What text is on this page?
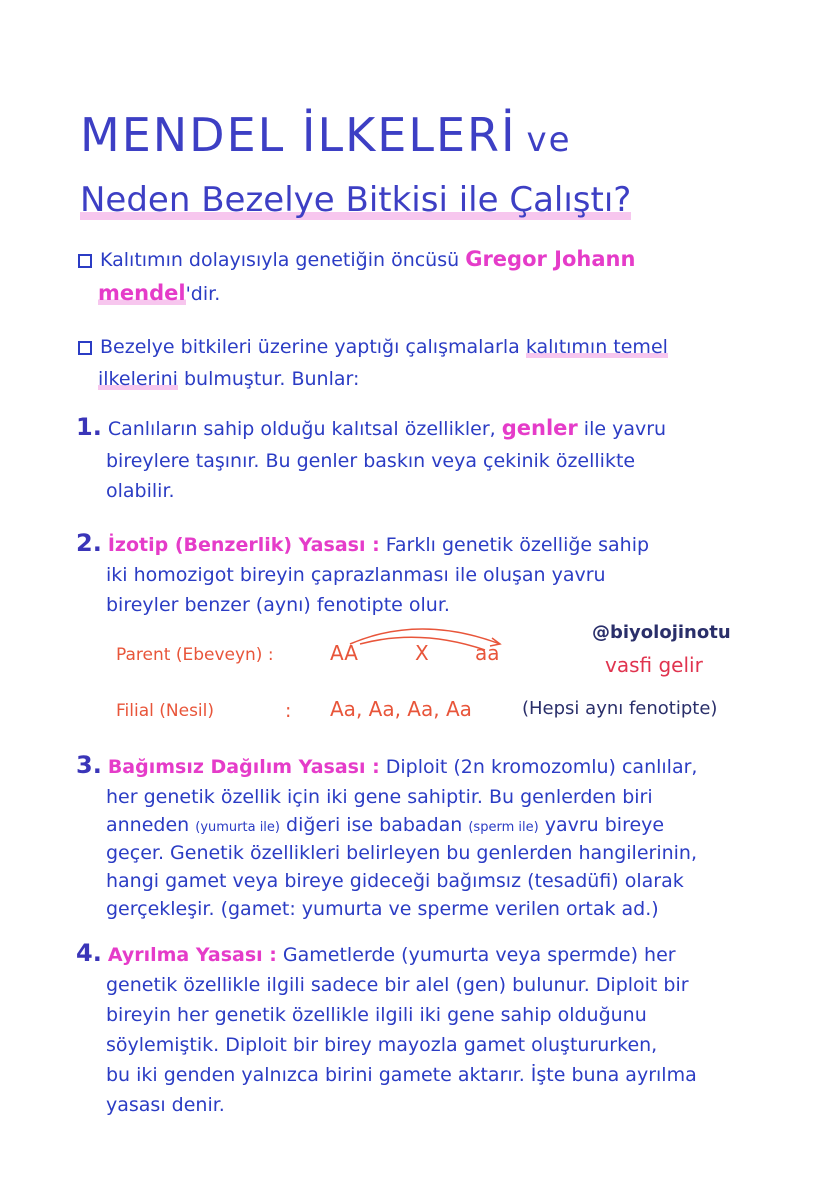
MENDEL İLKELERİ ve
Neden Bezelye Bitkisi ile Çalıştı?
Kalıtımın dolayısıyla genetiğin öncüsü Gregor Johann
mendel'dir.
Bezelye bitkileri üzerine yaptığı çalışmalarla kalıtımın temel
ilkelerini bulmuştur. Bunlar:
1. Canlıların sahip olduğu kalıtsal özellikler, genler ile yavru
bireylere taşınır. Bu genler baskın veya çekinik özellikte
olabilir.
2. İzotip (Benzerlik) Yasası : Farklı genetik özelliğe sahip
iki homozigot bireyin çaprazlanması ile oluşan yavru
bireyler benzer (aynı) fenotipte olur.
@biyolojinotu
vasfi gelir
Parent (Ebeveyn) :	AA	X aa
Filial (Nesil)	: Aa, Aa, Aa, Aa	(Hepsi aynı fenotipte)
3. Bağımsız Dağılım Yasası : Diploit (2n kromozomlu) canlılar,
her genetik özellik için iki gene sahiptir. Bu genlerden biri
anneden (yumurta ile) diğeri ise babadan (sperm ile) yavru bireye
geçer. Genetik özellikleri belirleyen bu genlerden hangilerinin,
hangi gamet veya bireye gideceği bağımsız (tesadüfi) olarak
gerçekleşir. (gamet: yumurta ve sperme verilen ortak ad.)
4. Ayrılma Yasası : Gametlerde (yumurta veya spermde) her
genetik özellikle ilgili sadece bir alel (gen) bulunur. Diploit bir
bireyin her genetik özellikle ilgili iki gene sahip olduğunu
söylemiştik. Diploit bir birey mayozla gamet oluştururken,
bu iki genden yalnızca birini gamete aktarır. İşte buna ayrılma
yasası denir.
